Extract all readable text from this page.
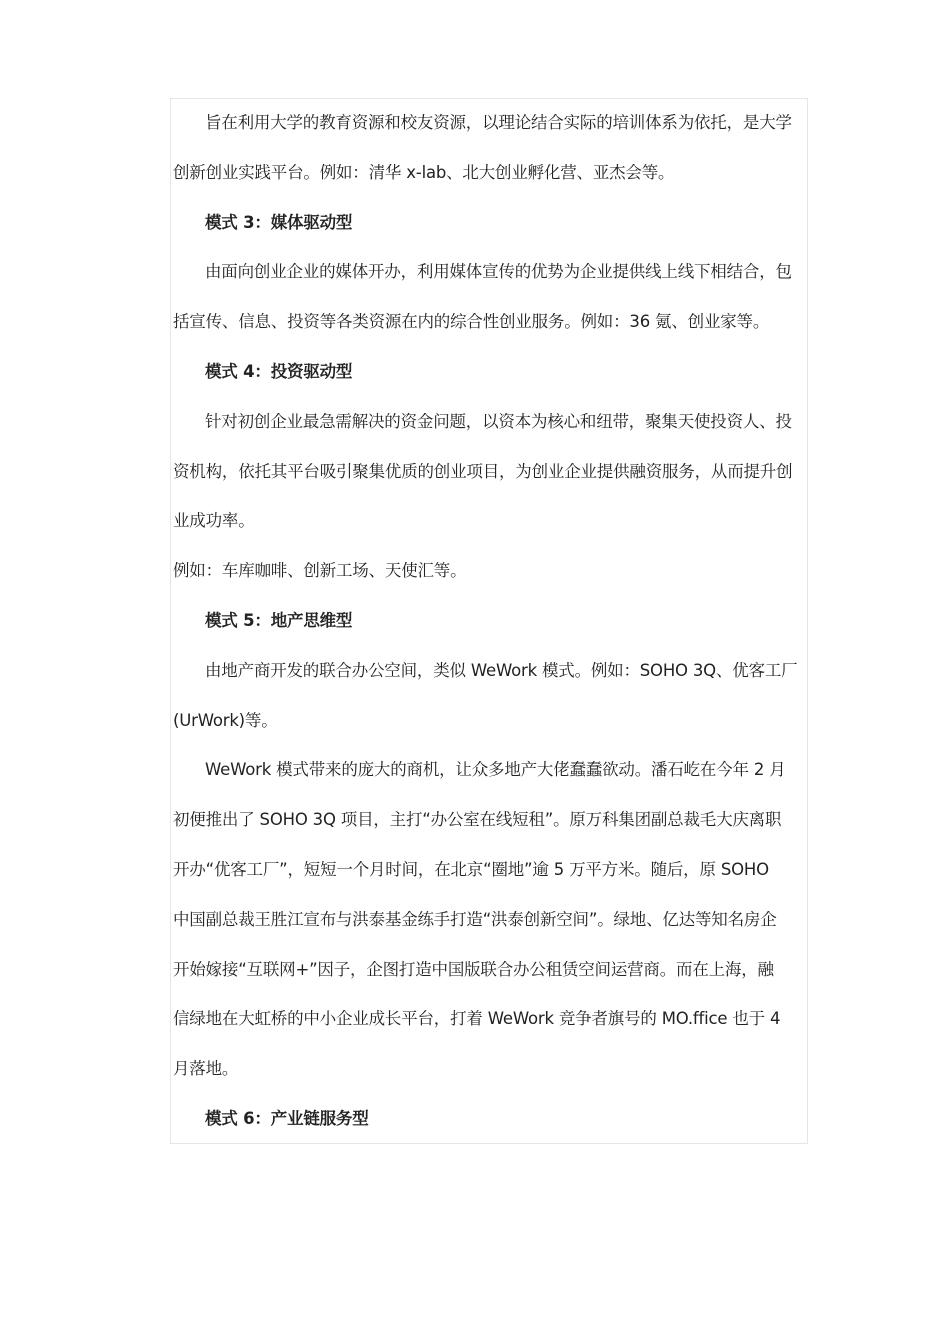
旨在利用大学的教育资源和校友资源，以理论结合实际的培训体系为依托，是大学
创新创业实践平台。例如：清华 x-lab、北大创业孵化营、亚杰会等。
模式 3：媒体驱动型
由面向创业企业的媒体开办，利用媒体宣传的优势为企业提供线上线下相结合，包
括宣传、信息、投资等各类资源在内的综合性创业服务。例如：36 氪、创业家等。
模式 4：投资驱动型
针对初创企业最急需解决的资金问题，以资本为核心和纽带，聚集天使投资人、投
资机构，依托其平台吸引聚集优质的创业项目，为创业企业提供融资服务，从而提升创
业成功率。
例如：车库咖啡、创新工场、天使汇等。
模式 5：地产思维型
由地产商开发的联合办公空间，类似 WeWork 模式。例如：SOHO 3Q、优客工厂
(UrWork)等。
WeWork 模式带来的庞大的商机，让众多地产大佬蠢蠢欲动。潘石屹在今年 2 月
初便推出了 SOHO 3Q 项目，主打“办公室在线短租”。原万科集团副总裁毛大庆离职
开办“优客工厂”，短短一个月时间，在北京“圈地”逾 5 万平方米。随后，原 SOHO
中国副总裁王胜江宣布与洪泰基金练手打造“洪泰创新空间”。绿地、亿达等知名房企
开始嫁接“互联网+”因子，企图打造中国版联合办公租赁空间运营商。而在上海，融
信绿地在大虹桥的中小企业成长平台，打着 WeWork 竞争者旗号的 MO.ffice 也于 4
月落地。
模式 6：产业链服务型
